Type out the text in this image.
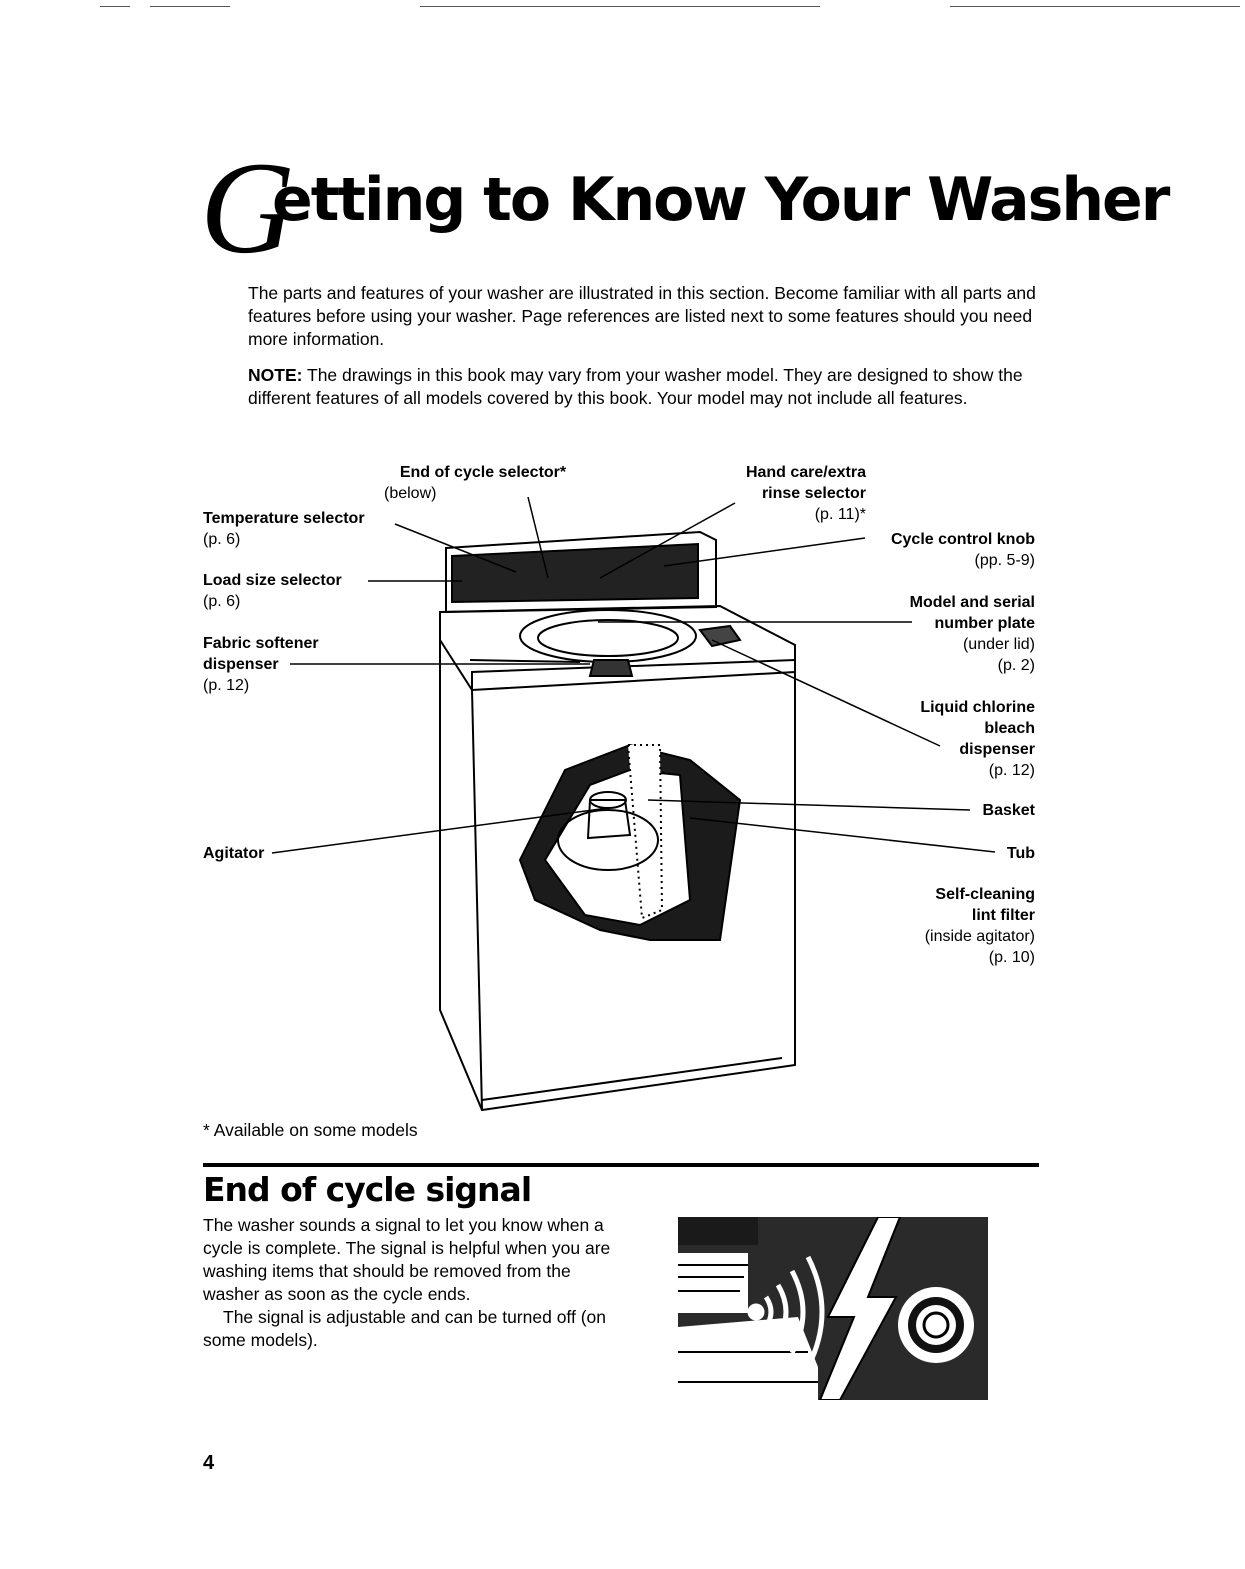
G
etting to Know Your Washer
The parts and features of your washer are illustrated in this section. Become familiar with all parts and features before using your washer. Page references are listed next to some features should you need more information.
NOTE: The drawings in this book may vary from your washer model. They are designed to show the different features of all models covered by this book. Your model may not include all features.
End of cycle selector*
(below)
Hand care/extra
rinse selector
(p. 11)*
Temperature selector
(p. 6)
Load size selector
(p. 6)
Fabric softener
dispenser
(p. 12)
Agitator
Cycle control knob
(pp. 5-9)
Model and serial
number plate
(under lid)
(p. 2)
Liquid chlorine
bleach
dispenser
(p. 12)
Basket
Tub
Self-cleaning
lint filter
(inside agitator)
(p. 10)
* Available on some models
End of cycle signal

The washer sounds a signal to let you know when a cycle is complete. The signal is helpful when you are washing items that should be removed from the washer as soon as the cycle ends.

The signal is adjustable and can be turned off (on some models).

4
